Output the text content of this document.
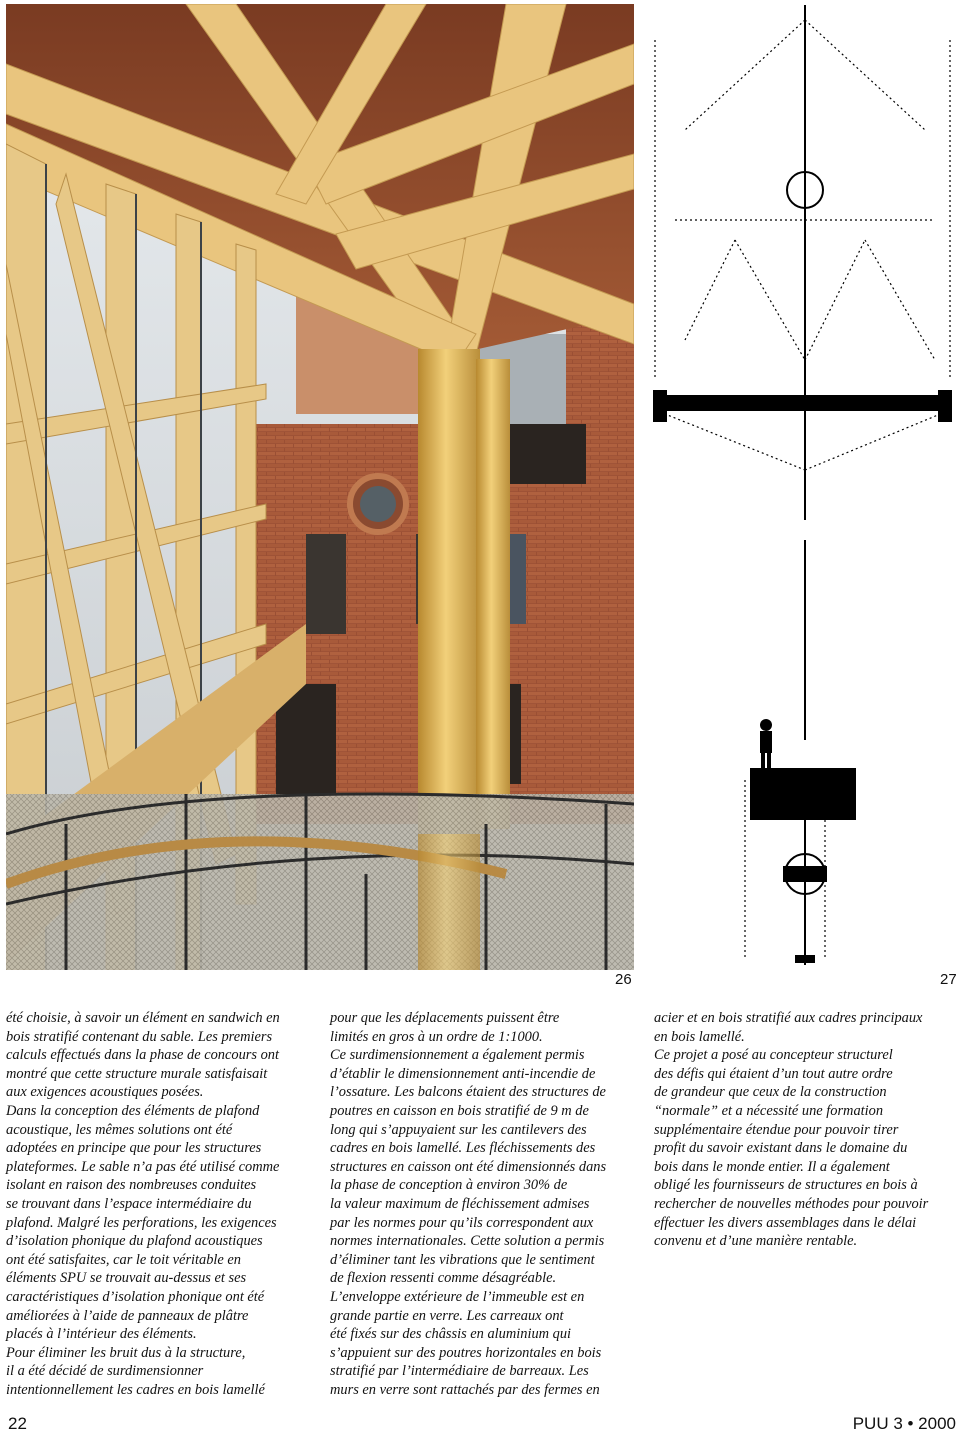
26	27

été choisie, à savoir un élément en sandwich en
bois stratifié contenant du sable. Les premiers
calculs effectués dans la phase de concours ont
montré que cette structure murale satisfaisait
aux exigences acoustiques posées.

Dans la conception des éléments de plafond
acoustique, les mêmes solutions ont été
adoptées en principe que pour les structures
plateformes. Le sable n’a pas été utilisé comme
isolant en raison des nombreuses conduites
se trouvant dans l’espace intermédiaire du
plafond. Malgré les perforations, les exigences
d’isolation phonique du plafond acoustiques
ont été satisfaites, car le toit véritable en
éléments SPU se trouvait au-dessus et ses
caractéristiques d’isolation phonique ont été
améliorées à l’aide de panneaux de plâtre
placés à l’intérieur des éléments.

Pour éliminer les bruit dus à la structure,
il a été décidé de surdimensionner
intentionnellement les cadres en bois lamellé

pour que les déplacements puissent être
limités en gros à un ordre de 1:1000.

Ce surdimensionnement a également permis
d’établir le dimensionnement anti-incendie de
l’ossature. Les balcons étaient des structures de
poutres en caisson en bois stratifié de 9 m de
long qui s’appuyaient sur les cantilevers des
cadres en bois lamellé. Les fléchissements des
structures en caisson ont été dimensionnés dans
la phase de conception à environ 30% de
la valeur maximum de fléchissement admises
par les normes pour qu’ils correspondent aux
normes internationales. Cette solution a permis
d’éliminer tant les vibrations que le sentiment
de flexion ressenti comme désagréable.

L’enveloppe extérieure de l’immeuble est en
grande partie en verre. Les carreaux ont
été fixés sur des châssis en aluminium qui
s’appuient sur des poutres horizontales en bois
stratifié par l’intermédiaire de barreaux. Les
murs en verre sont rattachés par des fermes en

acier et en bois stratifié aux cadres principaux
en bois lamellé.

Ce projet a posé au concepteur structurel
des défis qui étaient d’un tout autre ordre
de grandeur que ceux de la construction
“normale” et a nécessité une formation
supplémentaire étendue pour pouvoir tirer
profit du savoir existant dans le domaine du
bois dans le monde entier. Il a également
obligé les fournisseurs de structures en bois à
rechercher de nouvelles méthodes pour pouvoir
effectuer les divers assemblages dans le délai
convenu et d’une manière rentable.

22	PUU 3 • 2000
